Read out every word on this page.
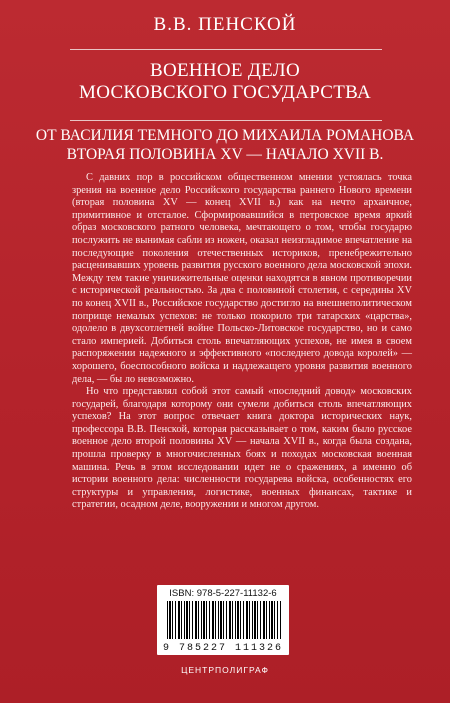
В.В. ПЕНСКОЙ
ВОЕННОЕ ДЕЛО
МОСКОВСКОГО ГОСУДАРСТВА
ОТ ВАСИЛИЯ ТЕМНОГО ДО МИХАИЛА РОМАНОВА
ВТОРАЯ ПОЛОВИНА XV — НАЧАЛО XVII В.

С давних пор в российском общественном мнении устоялась точка зрения на военное дело Российского государства раннего Нового времени (вторая половина XV — конец XVII в.) как на нечто архаичное, примитивное и отсталое. Сформировавшийся в петровское время яркий образ московского ратного человека, мечтающего о том, чтобы государю послужить не вынимая сабли из ножен, оказал неизгладимое впечатление на последующие поколения отечественных историков, пренебрежительно расценивавших уровень развития русского военного дела московской эпохи. Между тем такие уничижительные оценки находятся в явном противоречии с исторической реальностью. За два с половиной столетия, с середины XV по конец XVII в., Российское государство достигло на внешнеполитическом поприще немалых успехов: не только покорило три татарских «царства», одолело в двухсотлетней войне Польско-Литовское государство, но и само стало империей. Добиться столь впечатляющих успехов, не имея в своем распоряжении надежного и эффективного «последнего довода королей» — хорошего, боеспособного войска и надлежащего уровня развития военного дела, — бы ло невозможно.

Но что представлял собой этот самый «последний довод» московских государей, благодаря которому они сумели добиться столь впечатляющих успехов? На этот вопрос отвечает книга доктора исторических наук, профессора В.В. Пенской, которая рассказывает о том, каким было русское военное дело второй половины XV — начала XVII в., когда была создана, прошла проверку в многочисленных боях и походах московская военная машина. Речь в этом исследовании идет не о сражениях, а именно об истории военного дела: численности государева войска, особенностях его структуры и управления, логистике, военных финансах, тактике и стратегии, осадном деле, вооружении и многом другом.

ISBN: 978-5-227-11132-6
9 785227 111326
ЦЕНТРПОЛИГРАФ
